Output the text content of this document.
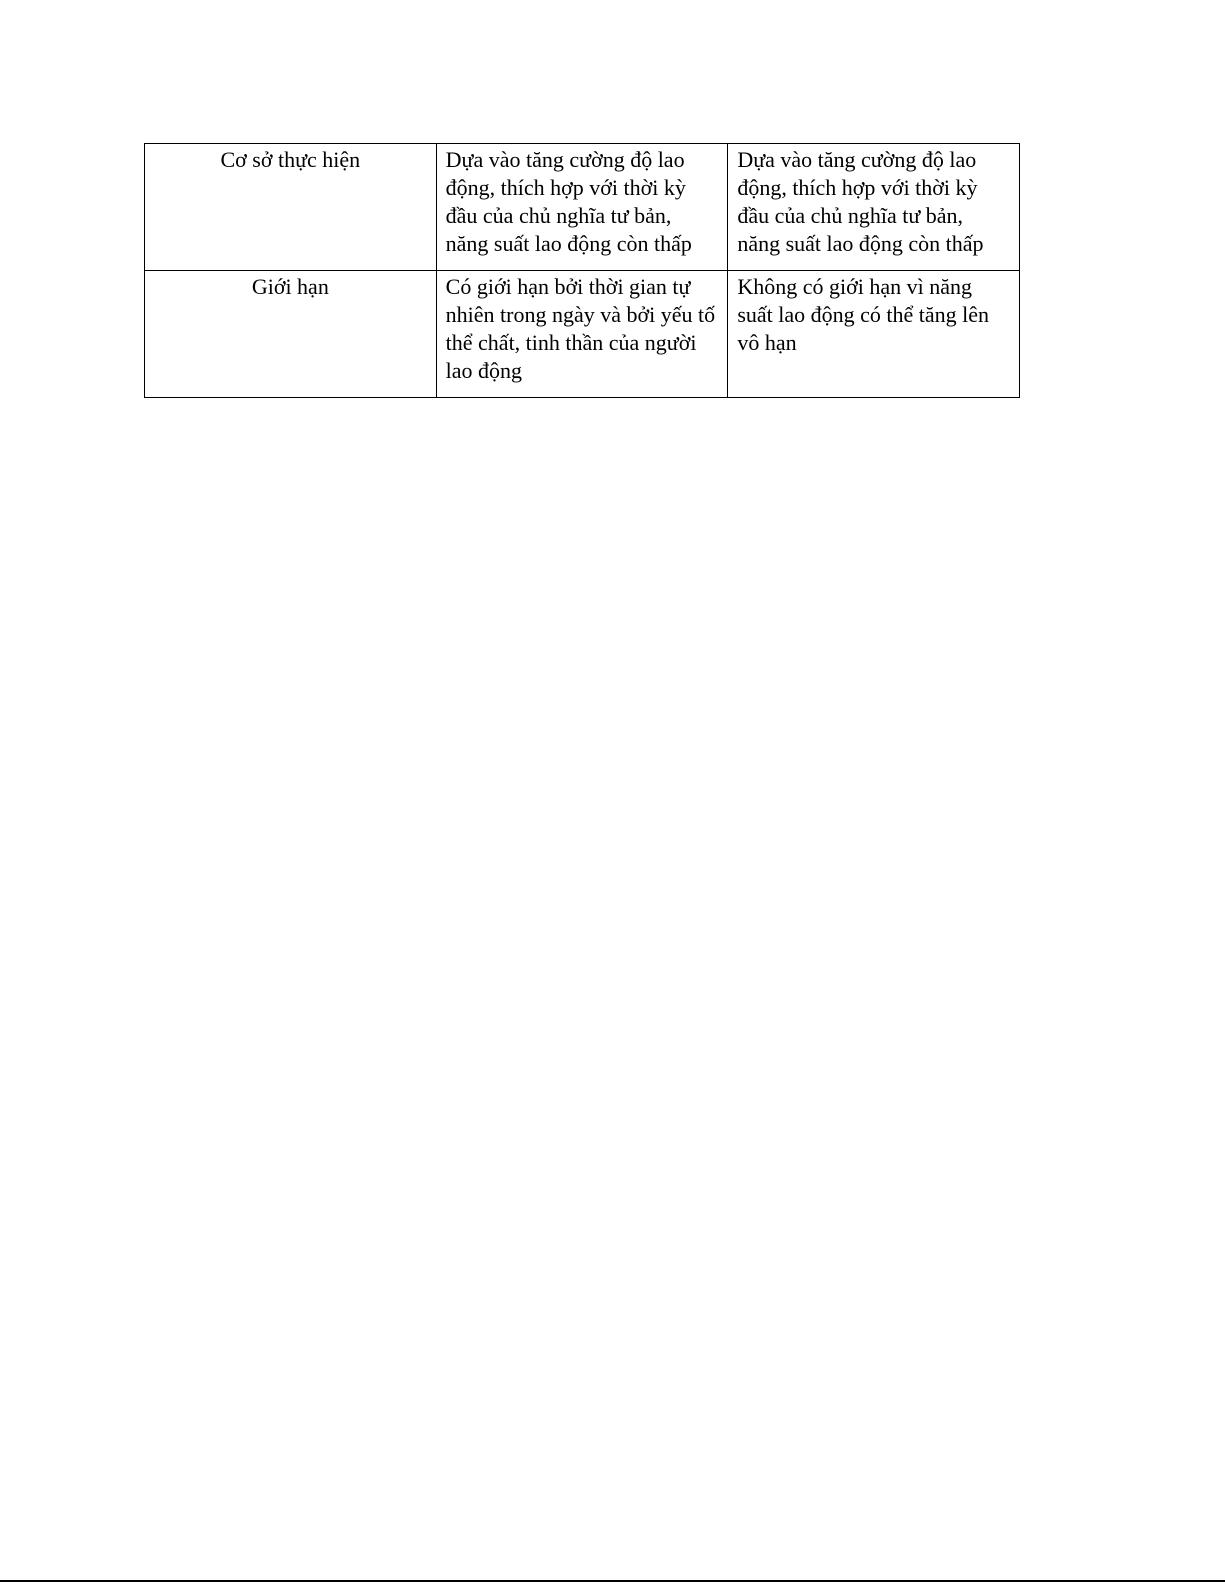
Cơ sở thực hiện	Dựa vào tăng cường độ lao động, thích hợp với thời kỳ đầu của chủ nghĩa tư bản, năng suất lao động còn thấp	Dựa vào tăng cường độ lao động, thích hợp với thời kỳ đầu của chủ nghĩa tư bản, năng suất lao động còn thấp
Giới hạn	Có giới hạn bởi thời gian tự nhiên trong ngày và bởi yếu tố thể chất, tinh thần của người lao động	Không có giới hạn vì năng suất lao động có thể tăng lên vô hạn
